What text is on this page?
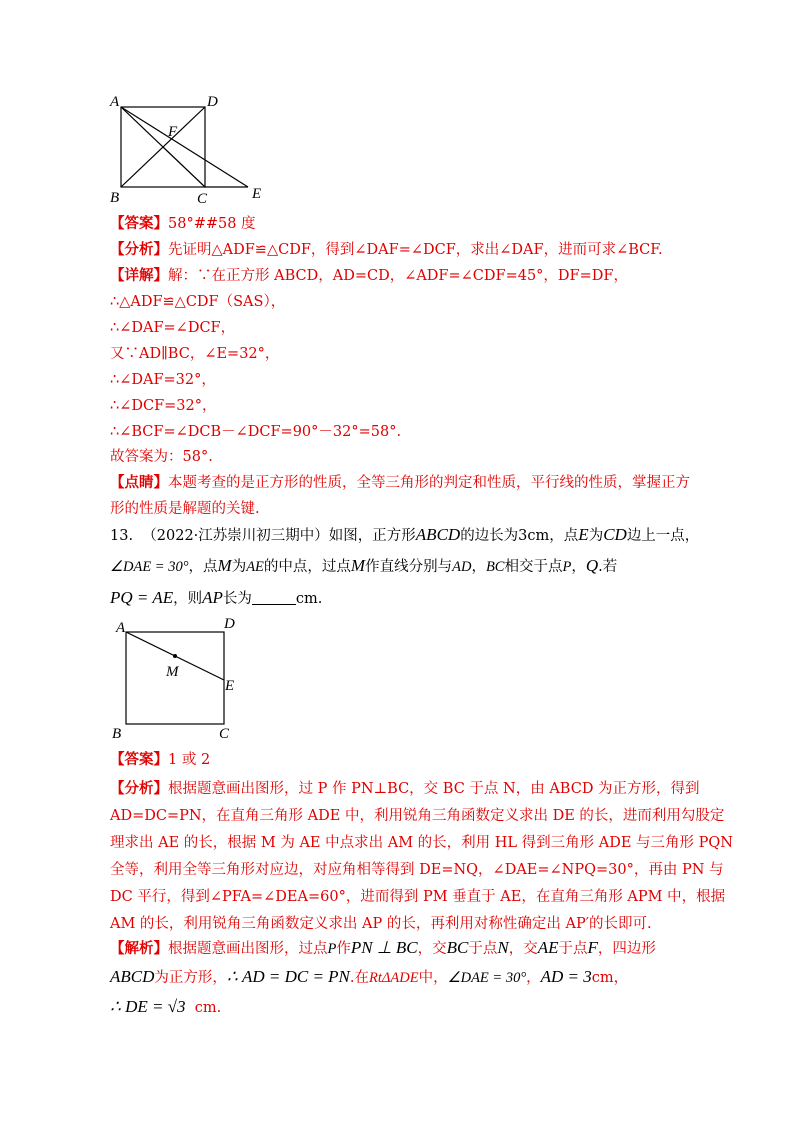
A	D
F
B	C	E
【答案】58°##58 度
【分析】先证明△ADF≌△CDF，得到∠DAF=∠DCF，求出∠DAF，进而可求∠BCF.
【详解】解：∵在正方形 ABCD，AD=CD，∠ADF=∠CDF=45°，DF=DF，
∴△ADF≌△CDF（SAS），
∴∠DAF=∠DCF，
又∵AD∥BC，∠E=32°，
∴∠DAF=32°，
∴∠DCF=32°，
∴∠BCF=∠DCB－∠DCF=90°－32°=58°.
故答案为：58°.
【点睛】本题考查的是正方形的性质，全等三角形的判定和性质，平行线的性质，掌握正方
形的性质是解题的关键.
13. （2022·江苏崇川初三期中）如图，正方形ABCD的边长为3cm，点E为CD边上一点，
∠DAE = 30°，点M为AE的中点，过点M作直线分别与AD，BC相交于点P，Q.若
PQ = AE，则AP长为	cm.
A	D
M
E
B	C
【答案】1 或 2
【分析】根据题意画出图形，过 P 作 PN⊥BC，交 BC 于点 N，由 ABCD 为正方形，得到
AD=DC=PN，在直角三角形 ADE 中，利用锐角三角函数定义求出 DE 的长，进而利用勾股定
理求出 AE 的长，根据 M 为 AE 中点求出 AM 的长，利用 HL 得到三角形 ADE 与三角形 PQN
全等，利用全等三角形对应边，对应角相等得到 DE=NQ，∠DAE=∠NPQ=30°，再由 PN 与
DC 平行，得到∠PFA=∠DEA=60°，进而得到 PM 垂直于 AE，在直角三角形 APM 中，根据
AM 的长，利用锐角三角函数定义求出 AP 的长，再利用对称性确定出 AP′的长即可.
【解析】根据题意画出图形，过点P作PN ⊥ BC，交BC于点N，交AE于点F，四边形
ABCD为正方形，∴ AD = DC = PN.在RtΔADE中，∠DAE = 30°，AD = 3cm，
∴ DE = √3 cm.
